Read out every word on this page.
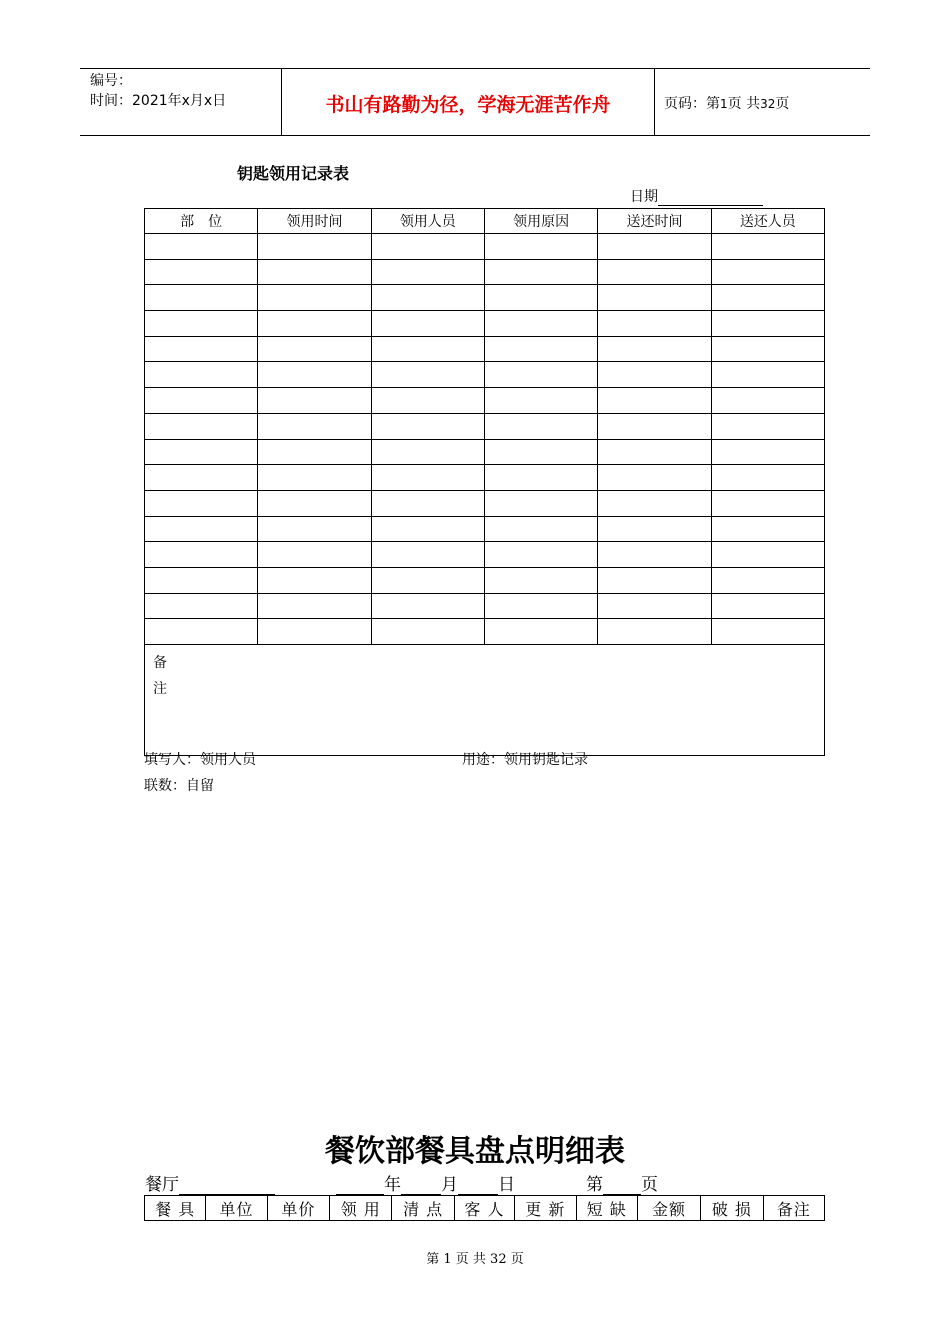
编号：
时间：2021年x月x日	书山有路勤为径，学海无涯苦作舟	页码：第1页 共32页
钥匙领用记录表
日期
部　位	领用时间	领用人员	领用原因	送还时间	送还人员

备
注					
填写人：领用人员	用途：领用钥匙记录
联数：自留
餐饮部餐具盘点明细表
餐厅	年 月 日	第 页
餐 具	单位	单价	领 用	清 点	客 人	更 新	短 缺	金额	破 损	备注
第 1 页 共 32 页
